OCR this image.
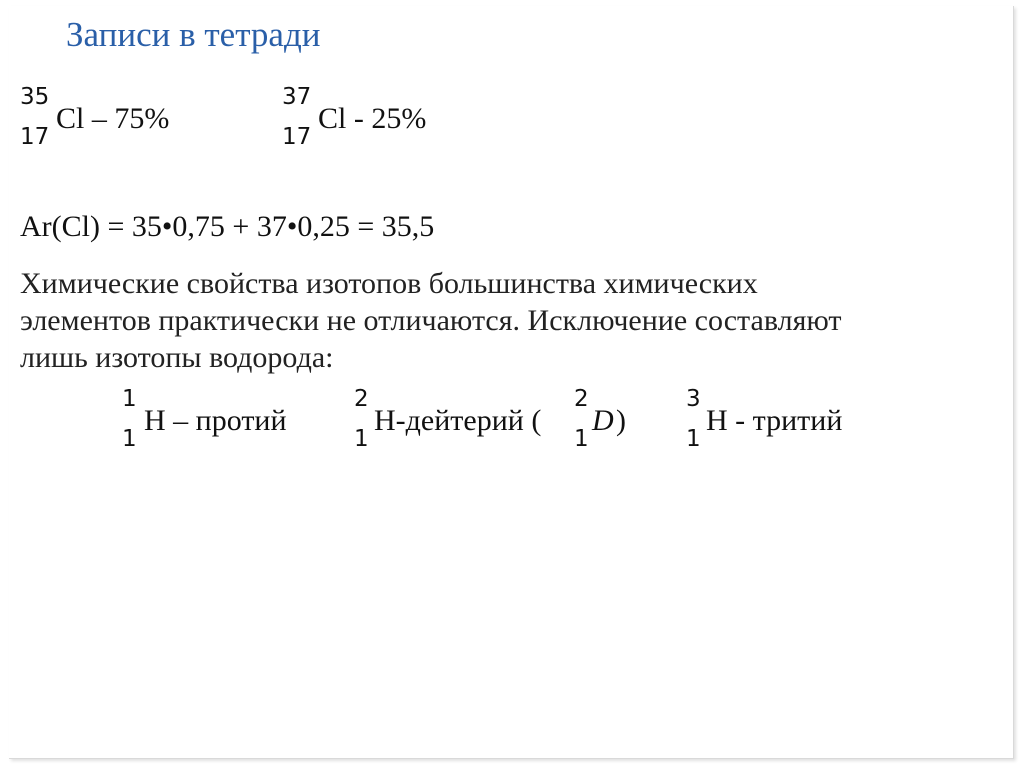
Записи в тетради
35
17
Cl – 75%
37
17
Cl - 25%
Ar(Cl) = 35•0,75 + 37•0,25 = 35,5
Химические свойства изотопов большинства химических
элементов практически не отличаются. Исключение составляют
лишь изотопы водорода:
1
1
H – протий
2
1
H-дейтерий (
2
1
D )
3
1
H - тритий
